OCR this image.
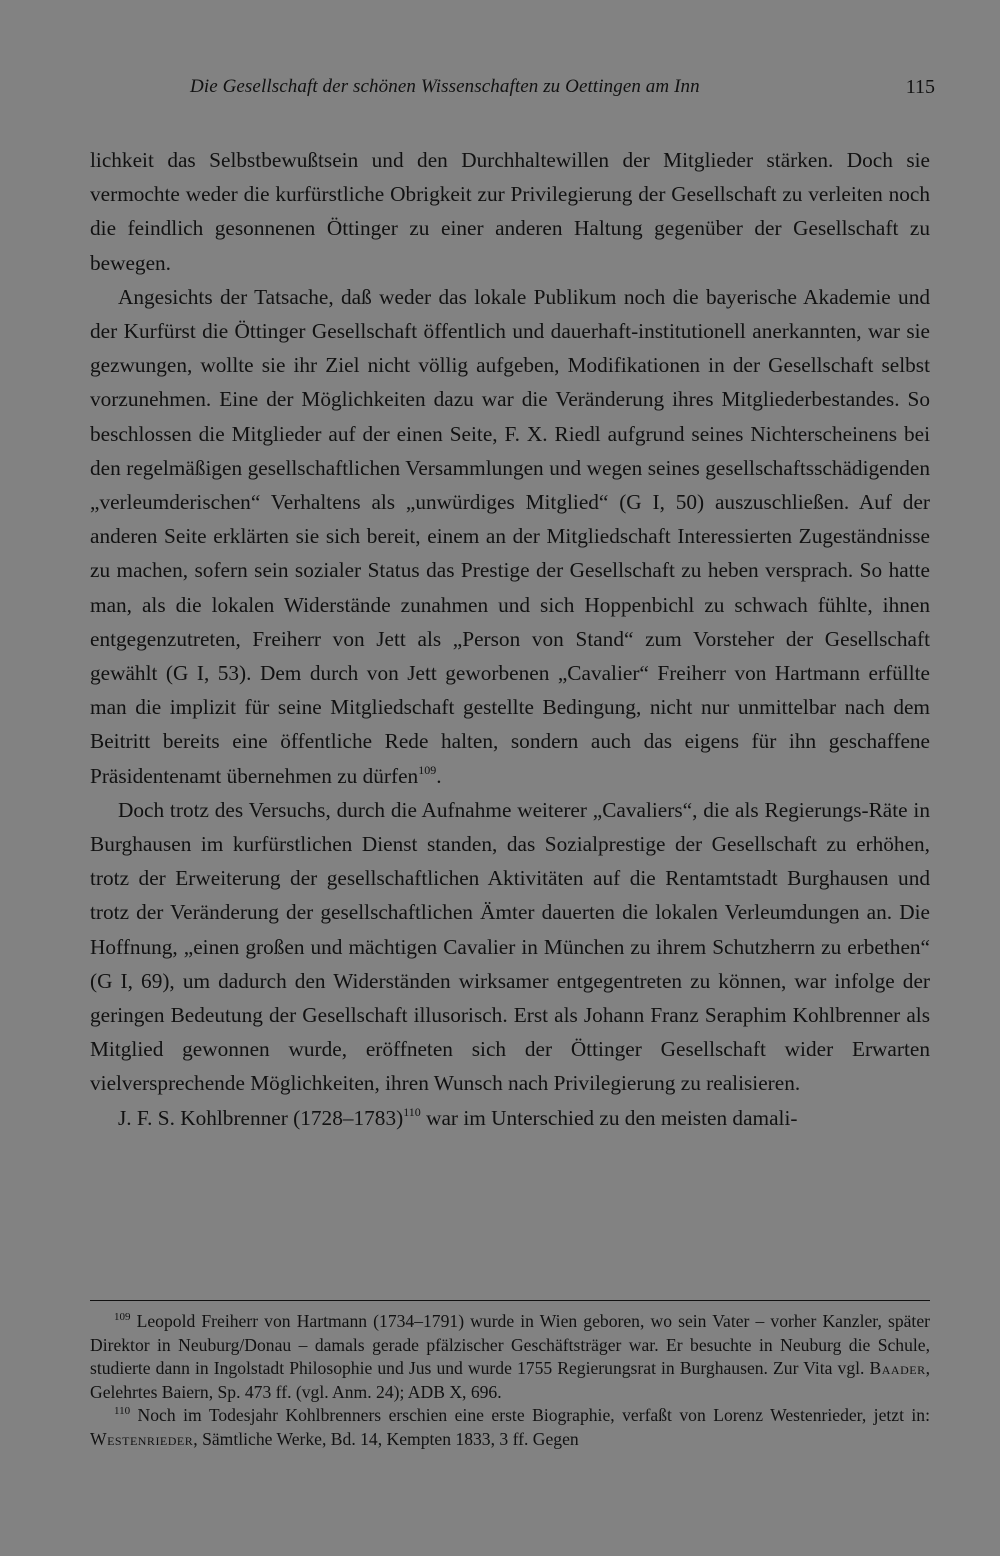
Die Gesellschaft der schönen Wissenschaften zu Oettingen am Inn	115

lichkeit das Selbstbewußtsein und den Durchhaltewillen der Mitglieder stärken. Doch sie vermochte weder die kurfürstliche Obrigkeit zur Privilegierung der Gesellschaft zu verleiten noch die feindlich gesonnenen Öttinger zu einer anderen Haltung gegenüber der Gesellschaft zu bewegen.

Angesichts der Tatsache, daß weder das lokale Publikum noch die bayerische Akademie und der Kurfürst die Öttinger Gesellschaft öffentlich und dauerhaft-institutionell anerkannten, war sie gezwungen, wollte sie ihr Ziel nicht völlig aufgeben, Modifikationen in der Gesellschaft selbst vorzunehmen. Eine der Möglichkeiten dazu war die Veränderung ihres Mitgliederbestandes. So beschlossen die Mitglieder auf der einen Seite, F. X. Riedl aufgrund seines Nichterscheinens bei den regelmäßigen gesellschaftlichen Versammlungen und wegen seines gesellschaftsschädigenden „verleumderischen“ Verhaltens als „unwürdiges Mitglied“ (G I, 50) auszuschließen. Auf der anderen Seite erklärten sie sich bereit, einem an der Mitgliedschaft Interessierten Zugeständnisse zu machen, sofern sein sozialer Status das Prestige der Gesellschaft zu heben versprach. So hatte man, als die lokalen Widerstände zunahmen und sich Hoppenbichl zu schwach fühlte, ihnen entgegenzutreten, Freiherr von Jett als „Person von Stand“ zum Vorsteher der Gesellschaft gewählt (G I, 53). Dem durch von Jett geworbenen „Cavalier“ Freiherr von Hartmann erfüllte man die implizit für seine Mitgliedschaft gestellte Bedingung, nicht nur unmittelbar nach dem Beitritt bereits eine öffentliche Rede halten, sondern auch das eigens für ihn geschaffene Präsidentenamt übernehmen zu dürfen$^{109}$.

Doch trotz des Versuchs, durch die Aufnahme weiterer „Cavaliers“, die als Regierungs-Räte in Burghausen im kurfürstlichen Dienst standen, das Sozialprestige der Gesellschaft zu erhöhen, trotz der Erweiterung der gesellschaftlichen Aktivitäten auf die Rentamtstadt Burghausen und trotz der Veränderung der gesellschaftlichen Ämter dauerten die lokalen Verleumdungen an. Die Hoffnung, „einen großen und mächtigen Cavalier in München zu ihrem Schutzherrn zu erbethen“ (G I, 69), um dadurch den Widerständen wirksamer entgegentreten zu können, war infolge der geringen Bedeutung der Gesellschaft illusorisch. Erst als Johann Franz Seraphim Kohlbrenner als Mitglied gewonnen wurde, eröffneten sich der Öttinger Gesellschaft wider Erwarten vielversprechende Möglichkeiten, ihren Wunsch nach Privilegierung zu realisieren.

J. F. S. Kohlbrenner (1728–1783)$^{110}$ war im Unterschied zu den meisten damali-

$^{109}$ Leopold Freiherr von Hartmann (1734–1791) wurde in Wien geboren, wo sein Vater – vorher Kanzler, später Direktor in Neuburg/Donau – damals gerade pfälzischer Geschäftsträger war. Er besuchte in Neuburg die Schule, studierte dann in Ingolstadt Philosophie und Jus und wurde 1755 Regierungsrat in Burghausen. Zur Vita vgl. Baader, Gelehrtes Baiern, Sp. 473 ff. (vgl. Anm. 24); ADB X, 696.

$^{110}$ Noch im Todesjahr Kohlbrenners erschien eine erste Biographie, verfaßt von Lorenz Westenrieder, jetzt in: Westenrieder, Sämtliche Werke, Bd. 14, Kempten 1833, 3 ff. Gegen
